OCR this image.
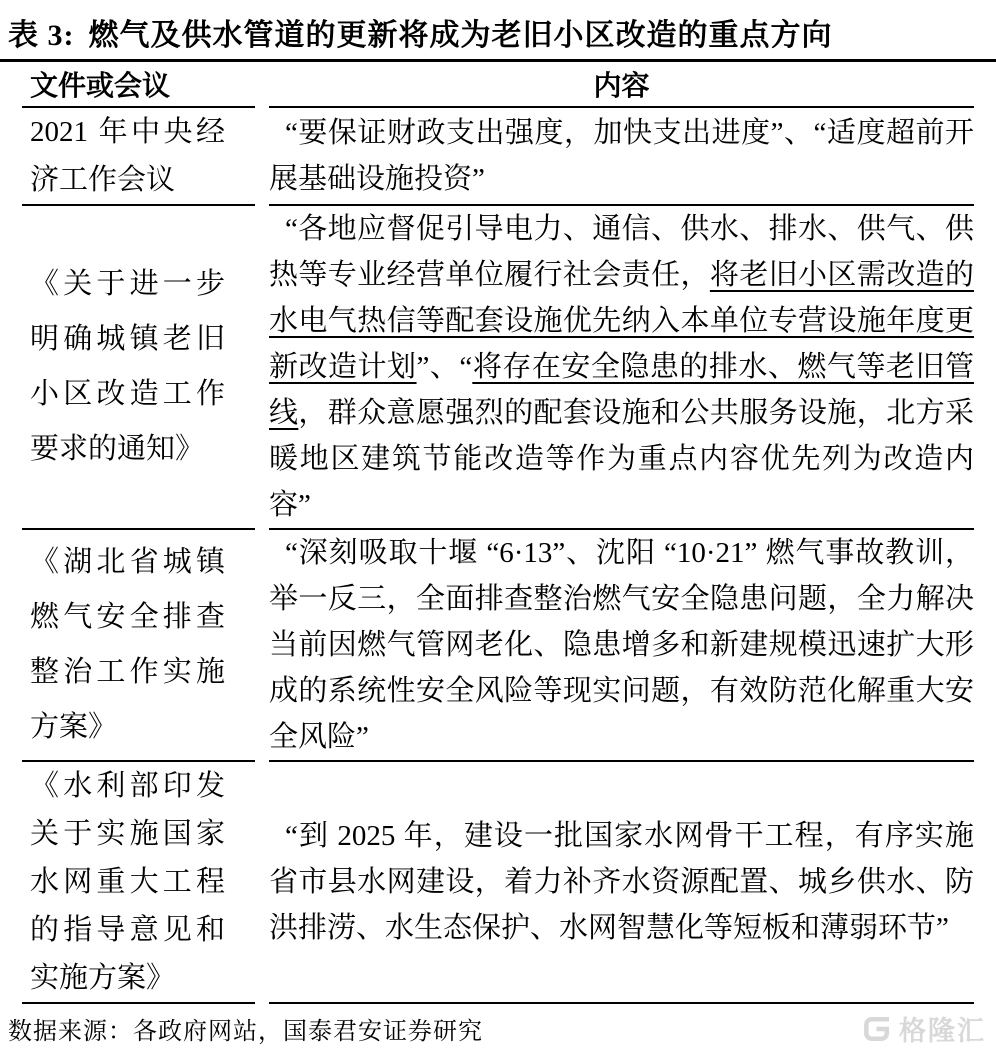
表 3: 燃气及供水管道的更新将成为老旧小区改造的重点方向
文件或会议	内容

2021 年中央经济工作会议	“要保证财政支出强度，加快支出进度”、“适度超前开展基础设施投资”

《关于进一步明确城镇老旧小区改造工作要求的通知》	“各地应督促引导电力、通信、供水、排水、供气、供热等专业经营单位履行社会责任，将老旧小区需改造的水电气热信等配套设施优先纳入本单位专营设施年度更新改造计划”、“将存在安全隐患的排水、燃气等老旧管线，群众意愿强烈的配套设施和公共服务设施，北方采暖地区建筑节能改造等作为重点内容优先列为改造内容”

《湖北省城镇燃气安全排查整治工作实施方案》	“深刻吸取十堰 “6·13”、沈阳 “10·21” 燃气事故教训，举一反三，全面排查整治燃气安全隐患问题，全力解决当前因燃气管网老化、隐患增多和新建规模迅速扩大形成的系统性安全风险等现实问题，有效防范化解重大安全风险”

《水利部印发关于实施国家水网重大工程的指导意见和实施方案》	“到 2025 年，建设一批国家水网骨干工程，有序实施省市县水网建设，着力补齐水资源配置、城乡供水、防洪排涝、水生态保护、水网智慧化等短板和薄弱环节”

数据来源：各政府网站，国泰君安证券研究	格隆汇
